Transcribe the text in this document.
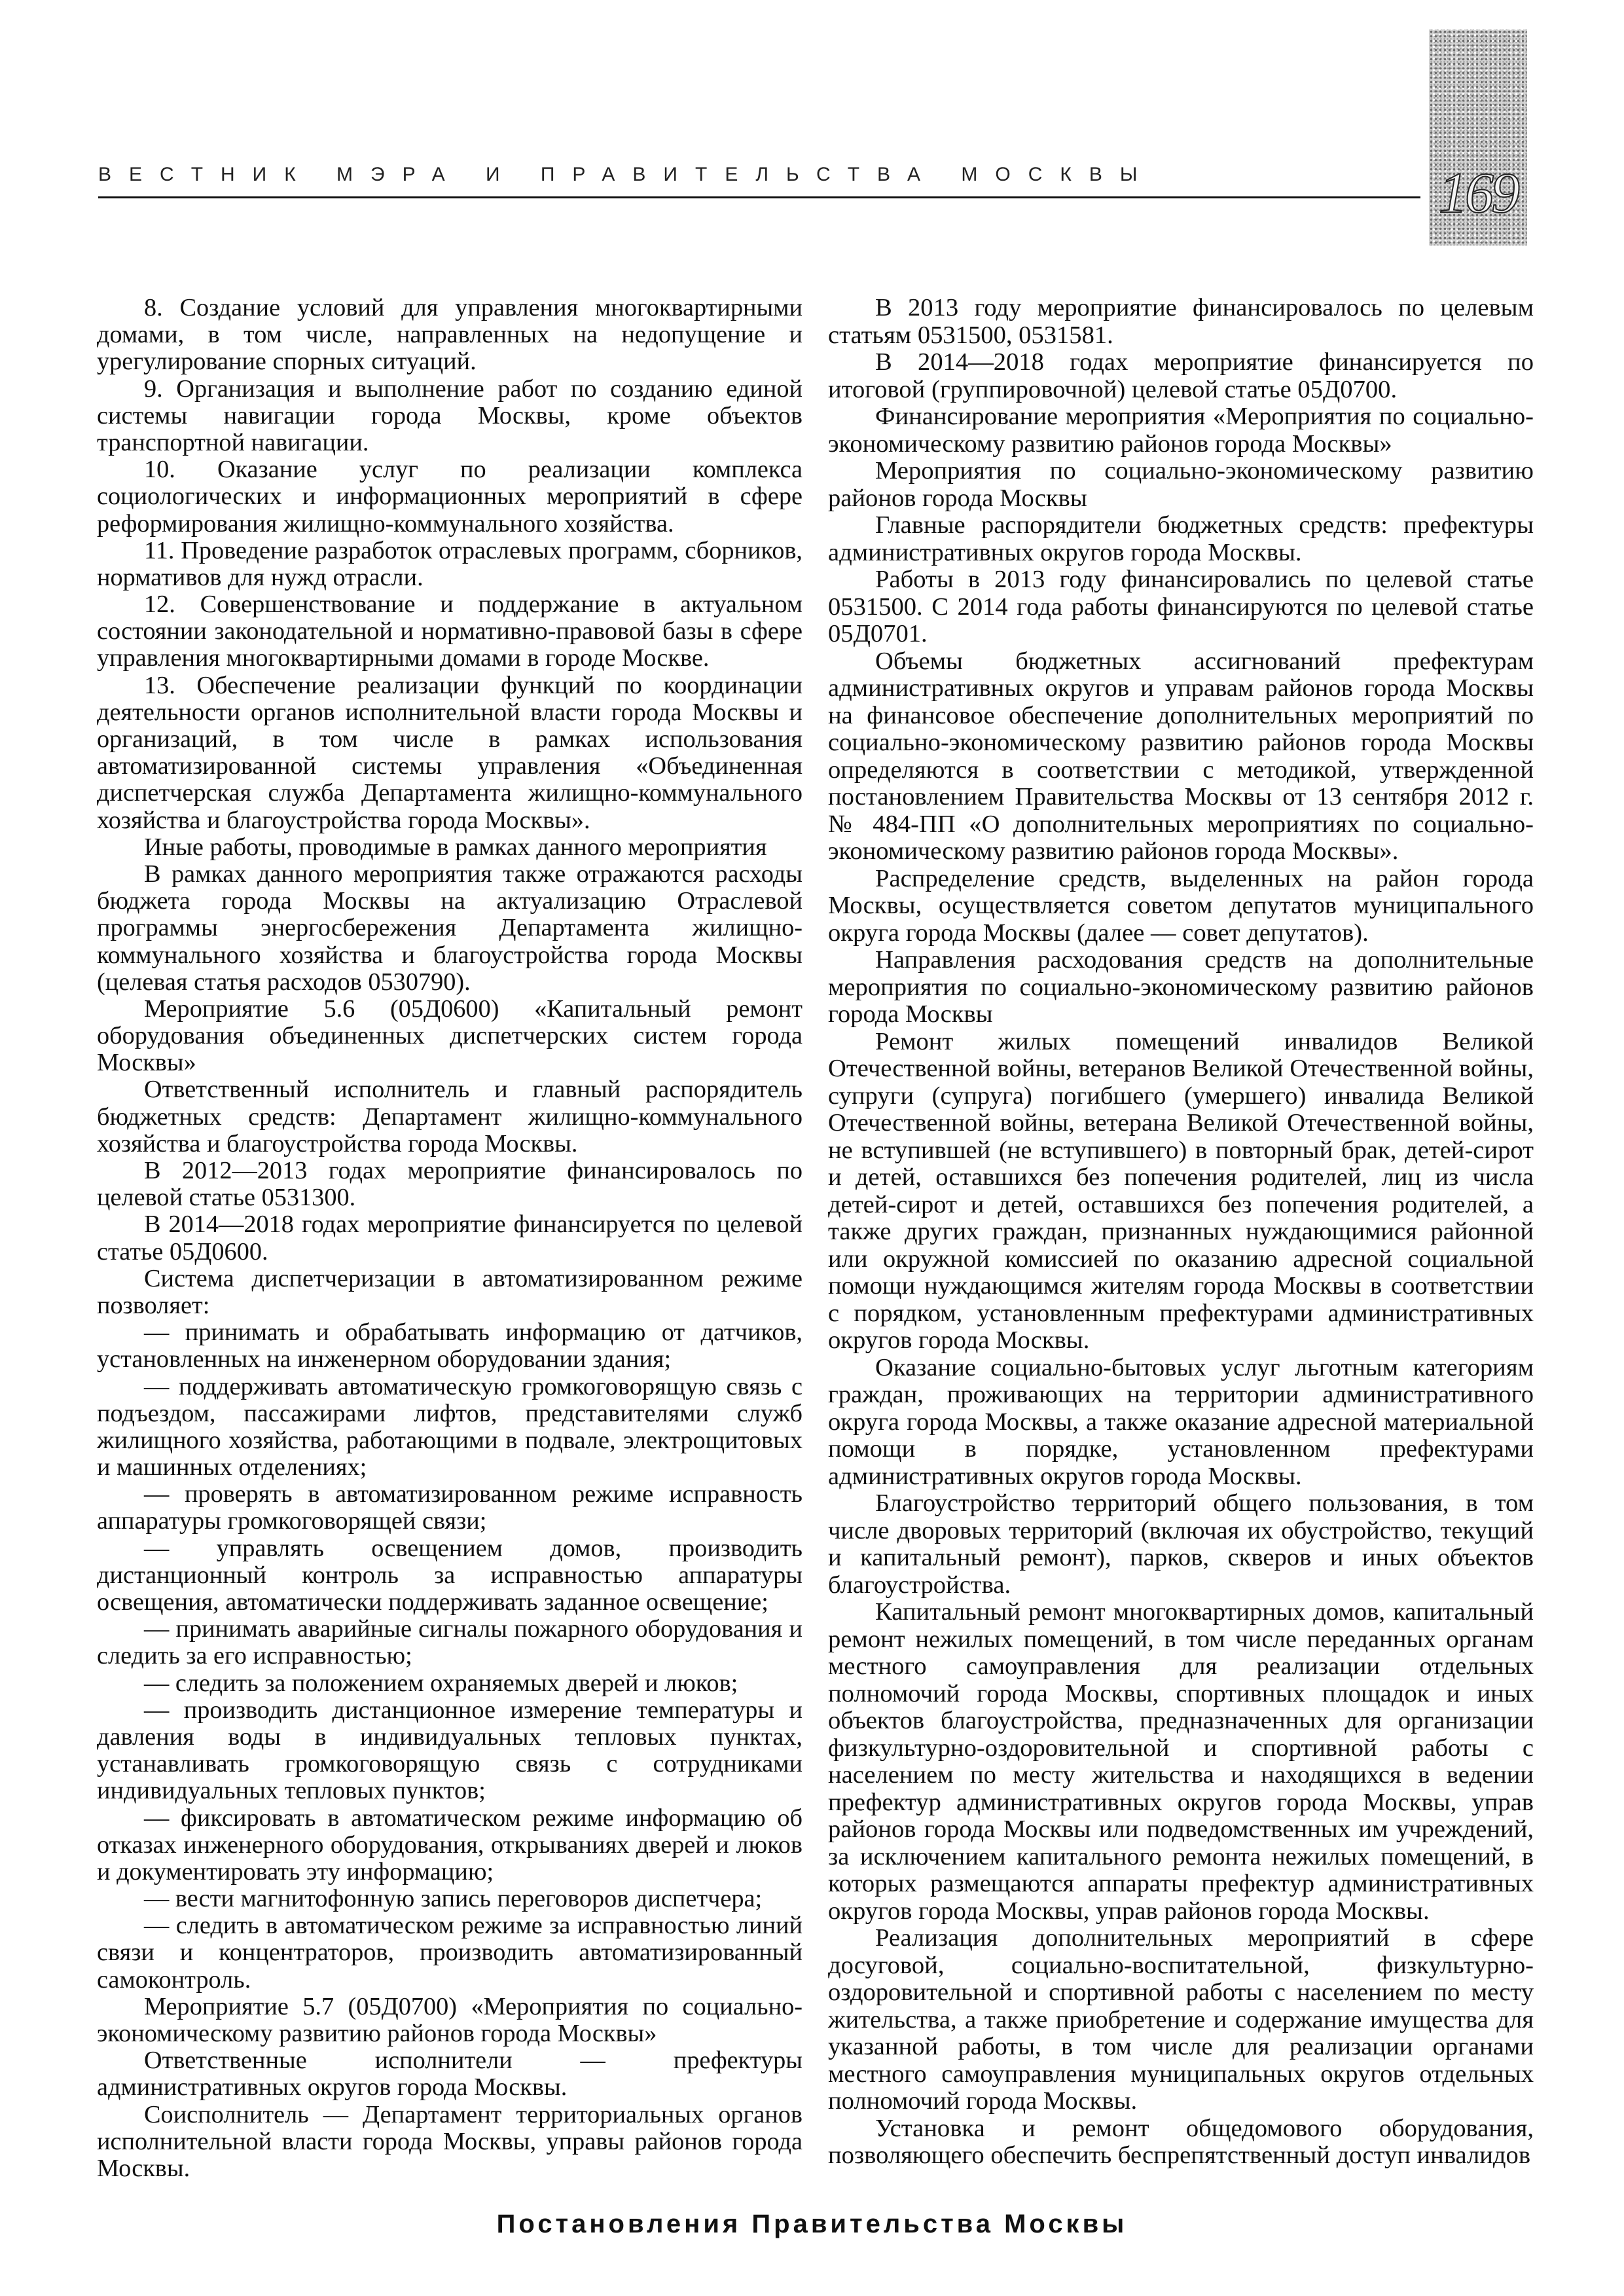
ВЕСТНИК МЭРА И ПРАВИТЕЛЬСТВА МОСКВЫ	169

8. Создание условий для управления многоквартирными домами, в том числе, направленных на недопущение и урегулирование спорных ситуаций.

9. Организация и выполнение работ по созданию единой системы навигации города Москвы, кроме объектов транспортной навигации.

10. Оказание услуг по реализации комплекса социологических и информационных мероприятий в сфере реформирования жилищно-коммунального хозяйства.

11. Проведение разработок отраслевых программ, сборников, нормативов для нужд отрасли.

12. Совершенствование и поддержание в актуальном состоянии законодательной и нормативно-правовой базы в сфере управления многоквартирными домами в городе Москве.

13. Обеспечение реализации функций по координации деятельности органов исполнительной власти города Москвы и организаций, в том числе в рамках использования автоматизированной системы управления «Объединенная диспетчерская служба Департамента жилищно-коммунального хозяйства и благоустройства города Москвы».

Иные работы, проводимые в рамках данного мероприятия

В рамках данного мероприятия также отражаются расходы бюджета города Москвы на актуализацию Отраслевой программы энергосбережения Департамента жилищно-коммунального хозяйства и благоустройства города Москвы (целевая статья расходов 0530790).

Мероприятие 5.6 (05Д0600) «Капитальный ремонт оборудования объединенных диспетчерских систем города Москвы»

Ответственный исполнитель и главный распорядитель бюджетных средств: Департамент жилищно-коммунального хозяйства и благоустройства города Москвы.

В 2012—2013 годах мероприятие финансировалось по целевой статье 0531300.

В 2014—2018 годах мероприятие финансируется по целевой статье 05Д0600.

Система диспетчеризации в автоматизированном режиме позволяет:

— принимать и обрабатывать информацию от датчиков, установленных на инженерном оборудовании здания;

— поддерживать автоматическую громкоговорящую связь с подъездом, пассажирами лифтов, представителями служб жилищного хозяйства, работающими в подвале, электрощитовых и машинных отделениях;

— проверять в автоматизированном режиме исправность аппаратуры громкоговорящей связи;

— управлять освещением домов, производить дистанционный контроль за исправностью аппаратуры освещения, автоматически поддерживать заданное освещение;

— принимать аварийные сигналы пожарного оборудования и следить за его исправностью;

— следить за положением охраняемых дверей и люков;

— производить дистанционное измерение температуры и давления воды в индивидуальных тепловых пунктах, устанавливать громкоговорящую связь с сотрудниками индивидуальных тепловых пунктов;

— фиксировать в автоматическом режиме информацию об отказах инженерного оборудования, открываниях дверей и люков и документировать эту информацию;

— вести магнитофонную запись переговоров диспетчера;

— следить в автоматическом режиме за исправностью линий связи и концентраторов, производить автоматизированный самоконтроль.

Мероприятие 5.7 (05Д0700) «Мероприятия по социально-экономическому развитию районов города Москвы»

Ответственные исполнители — префектуры административных округов города Москвы.

Соисполнитель — Департамент территориальных органов исполнительной власти города Москвы, управы районов города Москвы.

В 2013 году мероприятие финансировалось по целевым статьям 0531500, 0531581.

В 2014—2018 годах мероприятие финансируется по итоговой (группировочной) целевой статье 05Д0700.

Финансирование мероприятия «Мероприятия по социально-экономическому развитию районов города Москвы»

Мероприятия по социально-экономическому развитию районов города Москвы

Главные распорядители бюджетных средств: префектуры административных округов города Москвы.

Работы в 2013 году финансировались по целевой статье 0531500. С 2014 года работы финансируются по целевой статье 05Д0701.

Объемы бюджетных ассигнований префектурам административных округов и управам районов города Москвы на финансовое обеспечение дополнительных мероприятий по социально-экономическому развитию районов города Москвы определяются в соответствии с методикой, утвержденной постановлением Правительства Москвы от 13 сентября 2012 г. № 484-ПП «О дополнительных мероприятиях по социально-экономическому развитию районов города Москвы».

Распределение средств, выделенных на район города Москвы, осуществляется советом депутатов муниципального округа города Москвы (далее — совет депутатов).

Направления расходования средств на дополнительные мероприятия по социально-экономическому развитию районов города Москвы

Ремонт жилых помещений инвалидов Великой Отечественной войны, ветеранов Великой Отечественной войны, супруги (супруга) погибшего (умершего) инвалида Великой Отечественной войны, ветерана Великой Отечественной войны, не вступившей (не вступившего) в повторный брак, детей-сирот и детей, оставшихся без попечения родителей, лиц из числа детей-сирот и детей, оставшихся без попечения родителей, а также других граждан, признанных нуждающимися районной или окружной комиссией по оказанию адресной социальной помощи нуждающимся жителям города Москвы в соответствии с порядком, установленным префектурами административных округов города Москвы.

Оказание социально-бытовых услуг льготным категориям граждан, проживающих на территории административного округа города Москвы, а также оказание адресной материальной помощи в порядке, установленном префектурами административных округов города Москвы.

Благоустройство территорий общего пользования, в том числе дворовых территорий (включая их обустройство, текущий и капитальный ремонт), парков, скверов и иных объектов благоустройства.

Капитальный ремонт многоквартирных домов, капитальный ремонт нежилых помещений, в том числе переданных органам местного самоуправления для реализации отдельных полномочий города Москвы, спортивных площадок и иных объектов благоустройства, предназначенных для организации физкультурно-оздоровительной и спортивной работы с населением по месту жительства и находящихся в ведении префектур административных округов города Москвы, управ районов города Москвы или подведомственных им учреждений, за исключением капитального ремонта нежилых помещений, в которых размещаются аппараты префектур административных округов города Москвы, управ районов города Москвы.

Реализация дополнительных мероприятий в сфере досуговой, социально-воспитательной, физкультурно-оздоровительной и спортивной работы с населением по месту жительства, а также приобретение и содержание имущества для указанной работы, в том числе для реализации органами местного самоуправления муниципальных округов отдельных полномочий города Москвы.

Установка и ремонт общедомового оборудования, позволяющего обеспечить беспрепятственный доступ инвалидов

Постановления Правительства Москвы
